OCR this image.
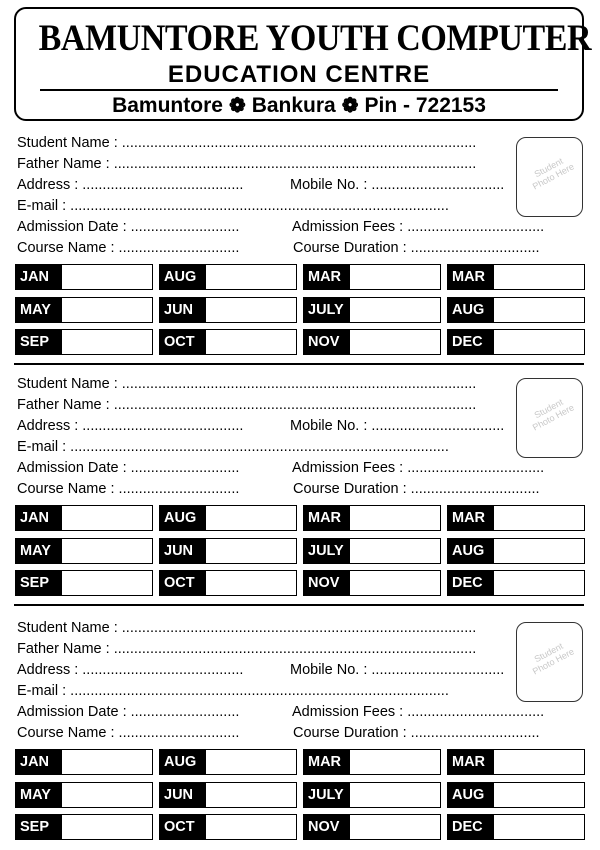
BAMUNTORE YOUTH COMPUTER
EDUCATION CENTRE
Bamuntore ❁ Bankura ❁ Pin - 722153
Student Name : ........................................................................................
Father Name : ..........................................................................................
Address : ........................................	Mobile No. : .................................
E-mail : ..............................................................................................
Admission Date : ...........................	Admission Fees : ..................................
Course Name : ..............................	Course Duration : ................................
Student Photo Here
JAN	AUG	MAR	MAR
MAY	JUN	JULY	AUG
SEP	OCT	NOV	DEC
Student Name : ........................................................................................
Father Name : ..........................................................................................
Address : ........................................	Mobile No. : .................................
E-mail : ..............................................................................................
Admission Date : ...........................	Admission Fees : ..................................
Course Name : ..............................	Course Duration : ................................
Student Photo Here
JAN	AUG	MAR	MAR
MAY	JUN	JULY	AUG
SEP	OCT	NOV	DEC
Student Name : ........................................................................................
Father Name : ..........................................................................................
Address : ........................................	Mobile No. : .................................
E-mail : ..............................................................................................
Admission Date : ...........................	Admission Fees : ..................................
Course Name : ..............................	Course Duration : ................................
Student Photo Here
JAN	AUG	MAR	MAR
MAY	JUN	JULY	AUG
SEP	OCT	NOV	DEC
